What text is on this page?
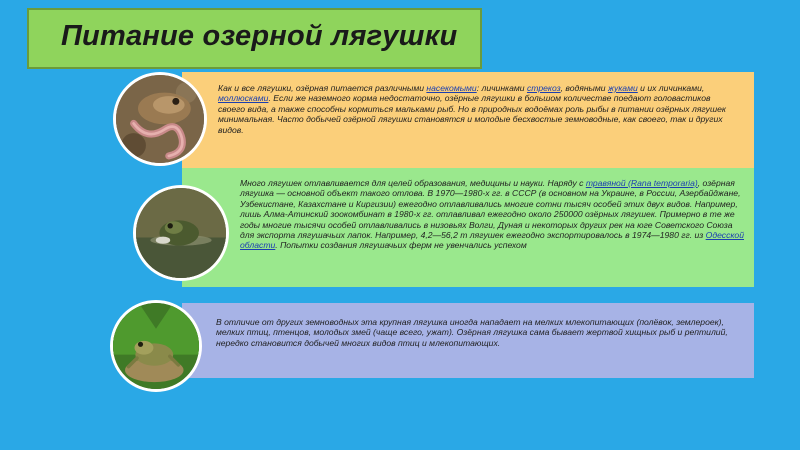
Питание озерной лягушки

Как и все лягушки, озёрная питается различными насекомыми: личинками стрекоз, водяными жуками и их личинками, моллюсками. Если же наземного корма недостаточно, озёрные лягушки в большом количестве поедают головастиков своего вида, а также способны кормиться мальками рыб. Но в природных водоёмах роль рыбы в питании озёрных лягушек минимальная. Часто добычей озёрной лягушки становятся и молодые бесхвостые земноводные, как своего, так и других видов.

Много лягушек отлавливается для целей образования, медицины и науки. Наряду с травяной (Rana temporaria), озёрная лягушка — основной объект такого отлова. В 1970—1980-х гг. в СССР (в основном на Украине, в России, Азербайджане, Узбекистане, Казахстане и Киргизии) ежегодно отлавливались многие сотни тысяч особей этих двух видов. Например, лишь Алма-Атинский зоокомбинат в 1980-х гг. отлавливал ежегодно около 250000 озёрных лягушек. Примерно в те же годы многие тысячи особей отлавливались в низовьях Волги, Дуная и некоторых других рек на юге Советского Союза для экспорта лягушачьих лапок. Например, 4,2—56,2 т лягушек ежегодно экспортировалось в 1974—1980 гг. из Одесской области. Попытки создания лягушачьих ферм не увенчались успехом

В отличие от других земноводных эта крупная лягушка иногда нападает на мелких млекопитающих (полёвок, землероек), мелких птиц, птенцов, молодых змей (чаще всего, ужат). Озёрная лягушка сама бывает жертвой хищных рыб и рептилий, нередко становится добычей многих видов птиц и млекопитающих.
